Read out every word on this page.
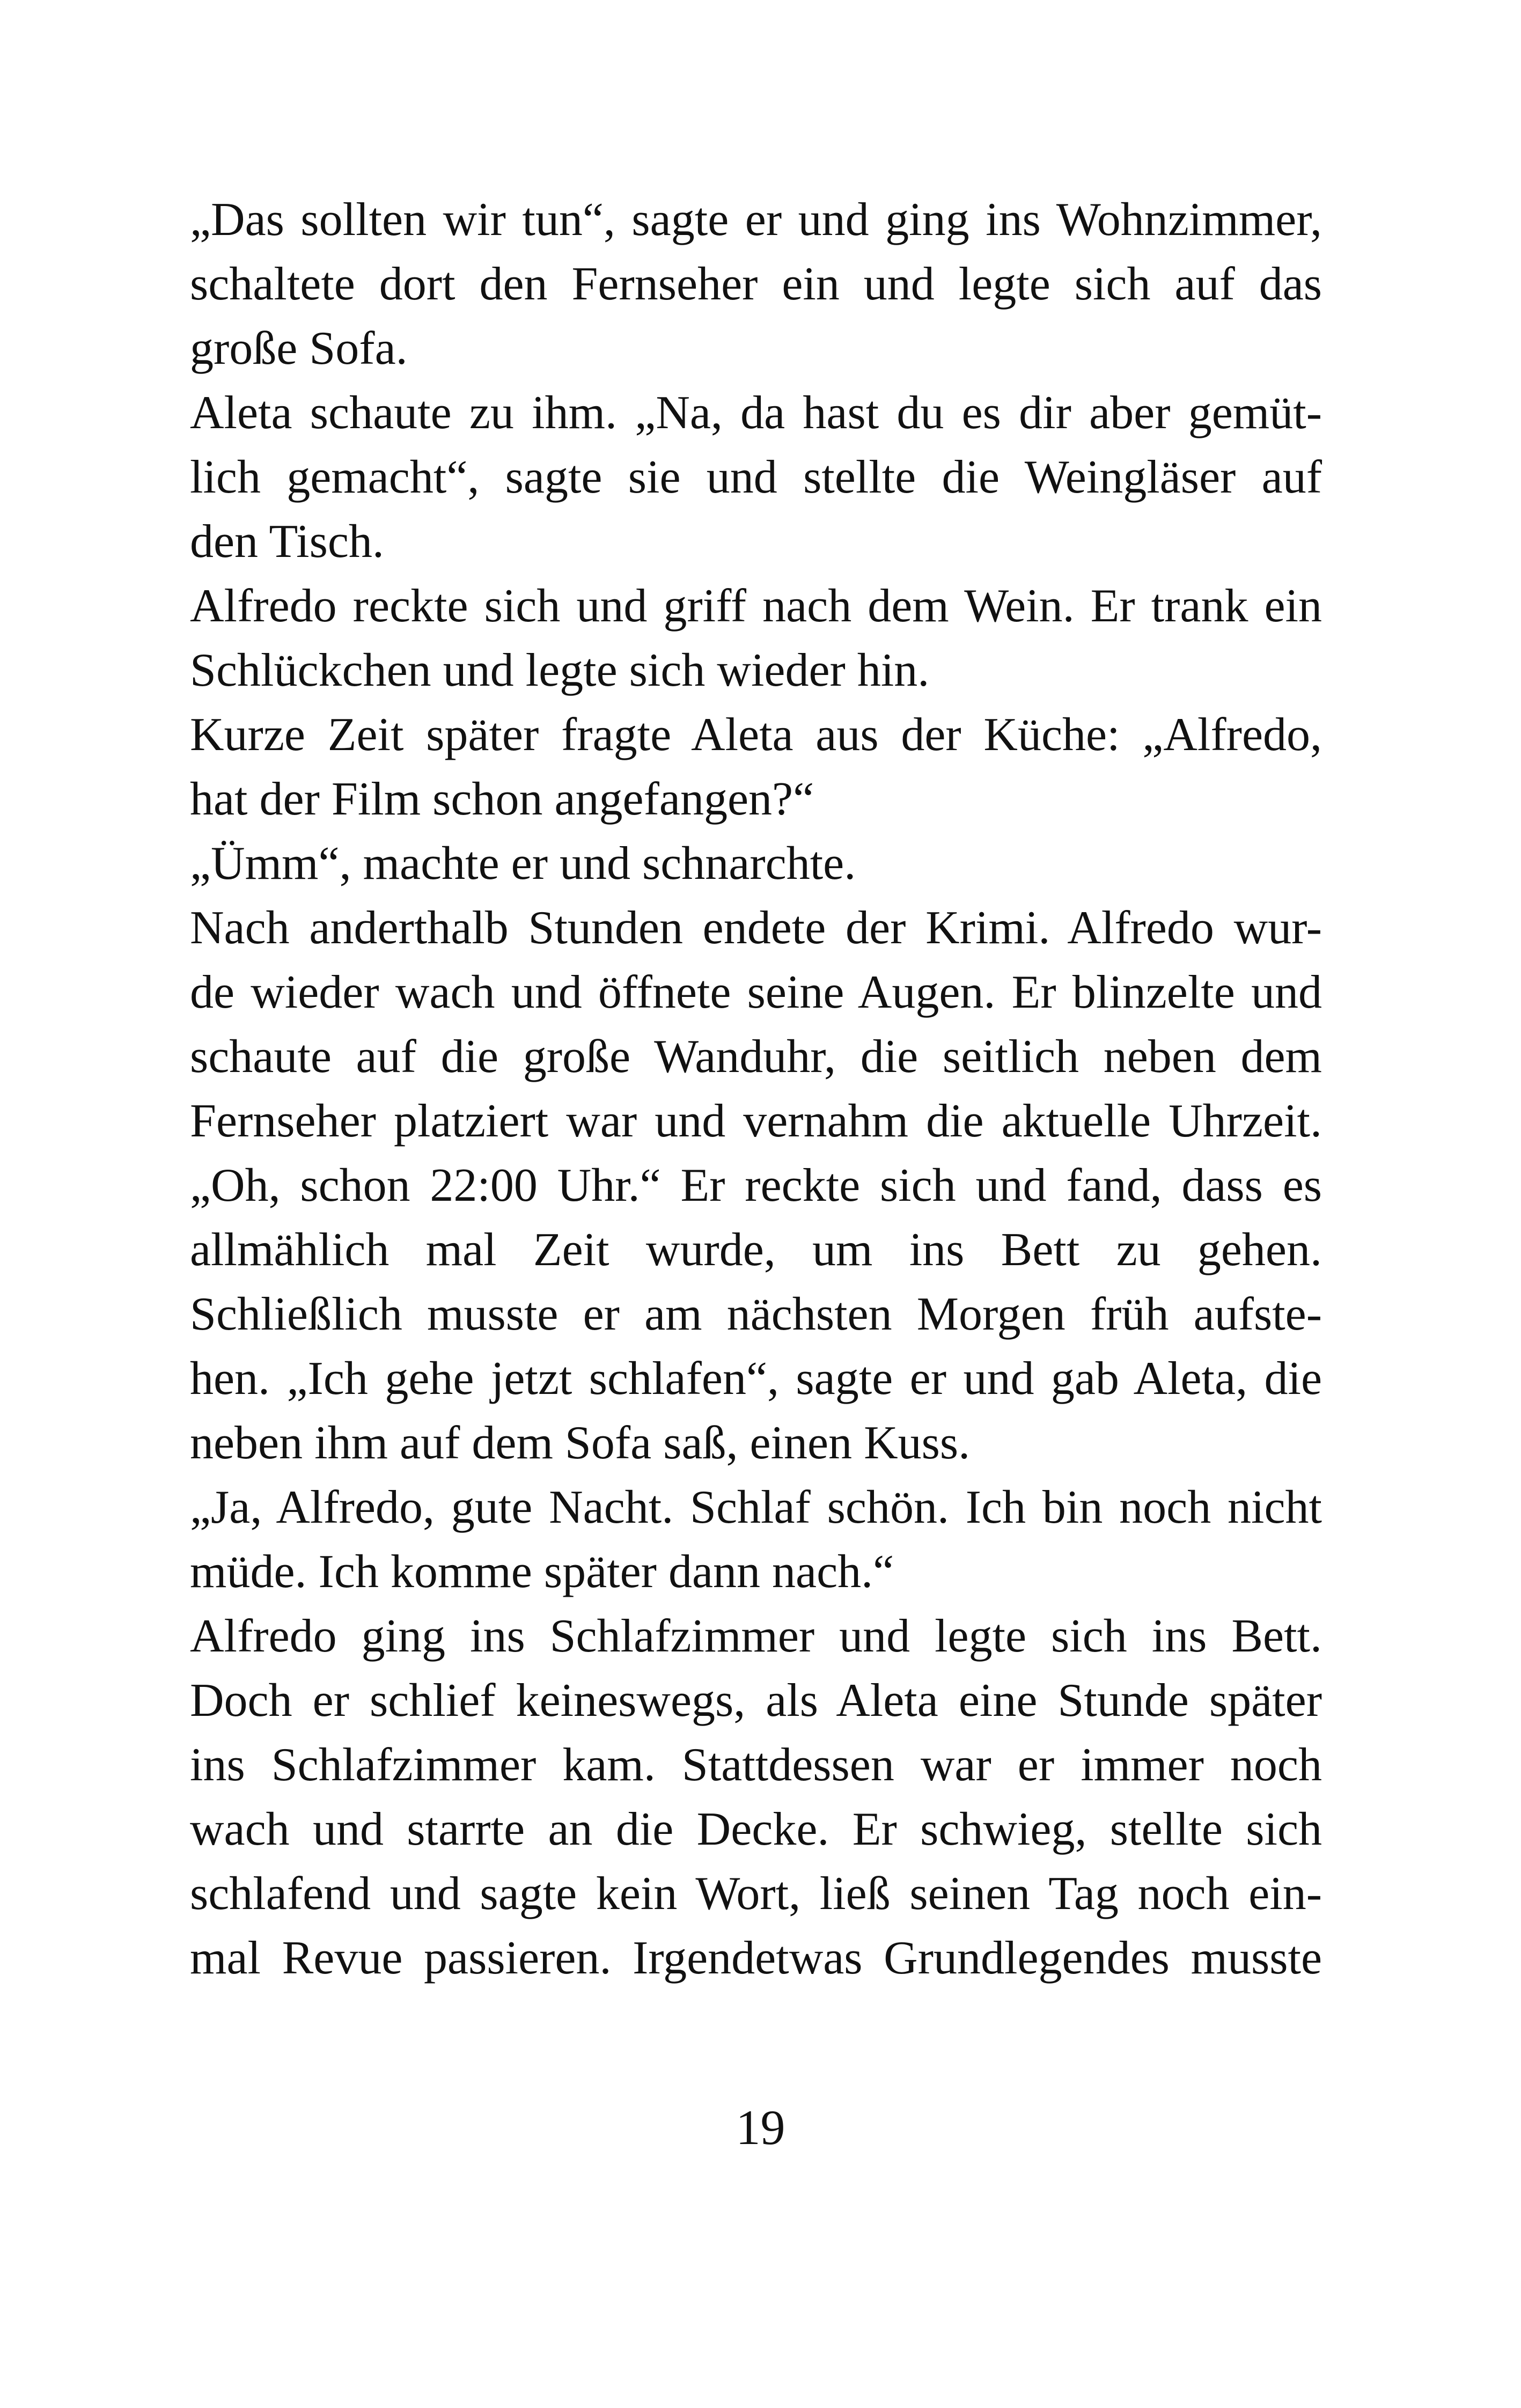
„Das sollten wir tun“, sagte er und ging ins Wohnzimmer,
schaltete dort den Fernseher ein und legte sich auf das
große Sofa.
Aleta schaute zu ihm. „Na, da hast du es dir aber gemüt-
lich gemacht“, sagte sie und stellte die Weingläser auf
den Tisch.
Alfredo reckte sich und griff nach dem Wein. Er trank ein
Schlückchen und legte sich wieder hin.
Kurze Zeit später fragte Aleta aus der Küche: „Alfredo,
hat der Film schon angefangen?“
„Ümm“, machte er und schnarchte.
Nach anderthalb Stunden endete der Krimi. Alfredo wur-
de wieder wach und öffnete seine Augen. Er blinzelte und
schaute auf die große Wanduhr, die seitlich neben dem
Fernseher platziert war und vernahm die aktuelle Uhrzeit.
„Oh, schon 22:00 Uhr.“ Er reckte sich und fand, dass es
allmählich mal Zeit wurde, um ins Bett zu gehen.
Schließlich musste er am nächsten Morgen früh aufste-
hen. „Ich gehe jetzt schlafen“, sagte er und gab Aleta, die
neben ihm auf dem Sofa saß, einen Kuss.
„Ja, Alfredo, gute Nacht. Schlaf schön. Ich bin noch nicht
müde. Ich komme später dann nach.“
Alfredo ging ins Schlafzimmer und legte sich ins Bett.
Doch er schlief keineswegs, als Aleta eine Stunde später
ins Schlafzimmer kam. Stattdessen war er immer noch
wach und starrte an die Decke. Er schwieg, stellte sich
schlafend und sagte kein Wort, ließ seinen Tag noch ein-
mal Revue passieren. Irgendetwas Grundlegendes musste
19
